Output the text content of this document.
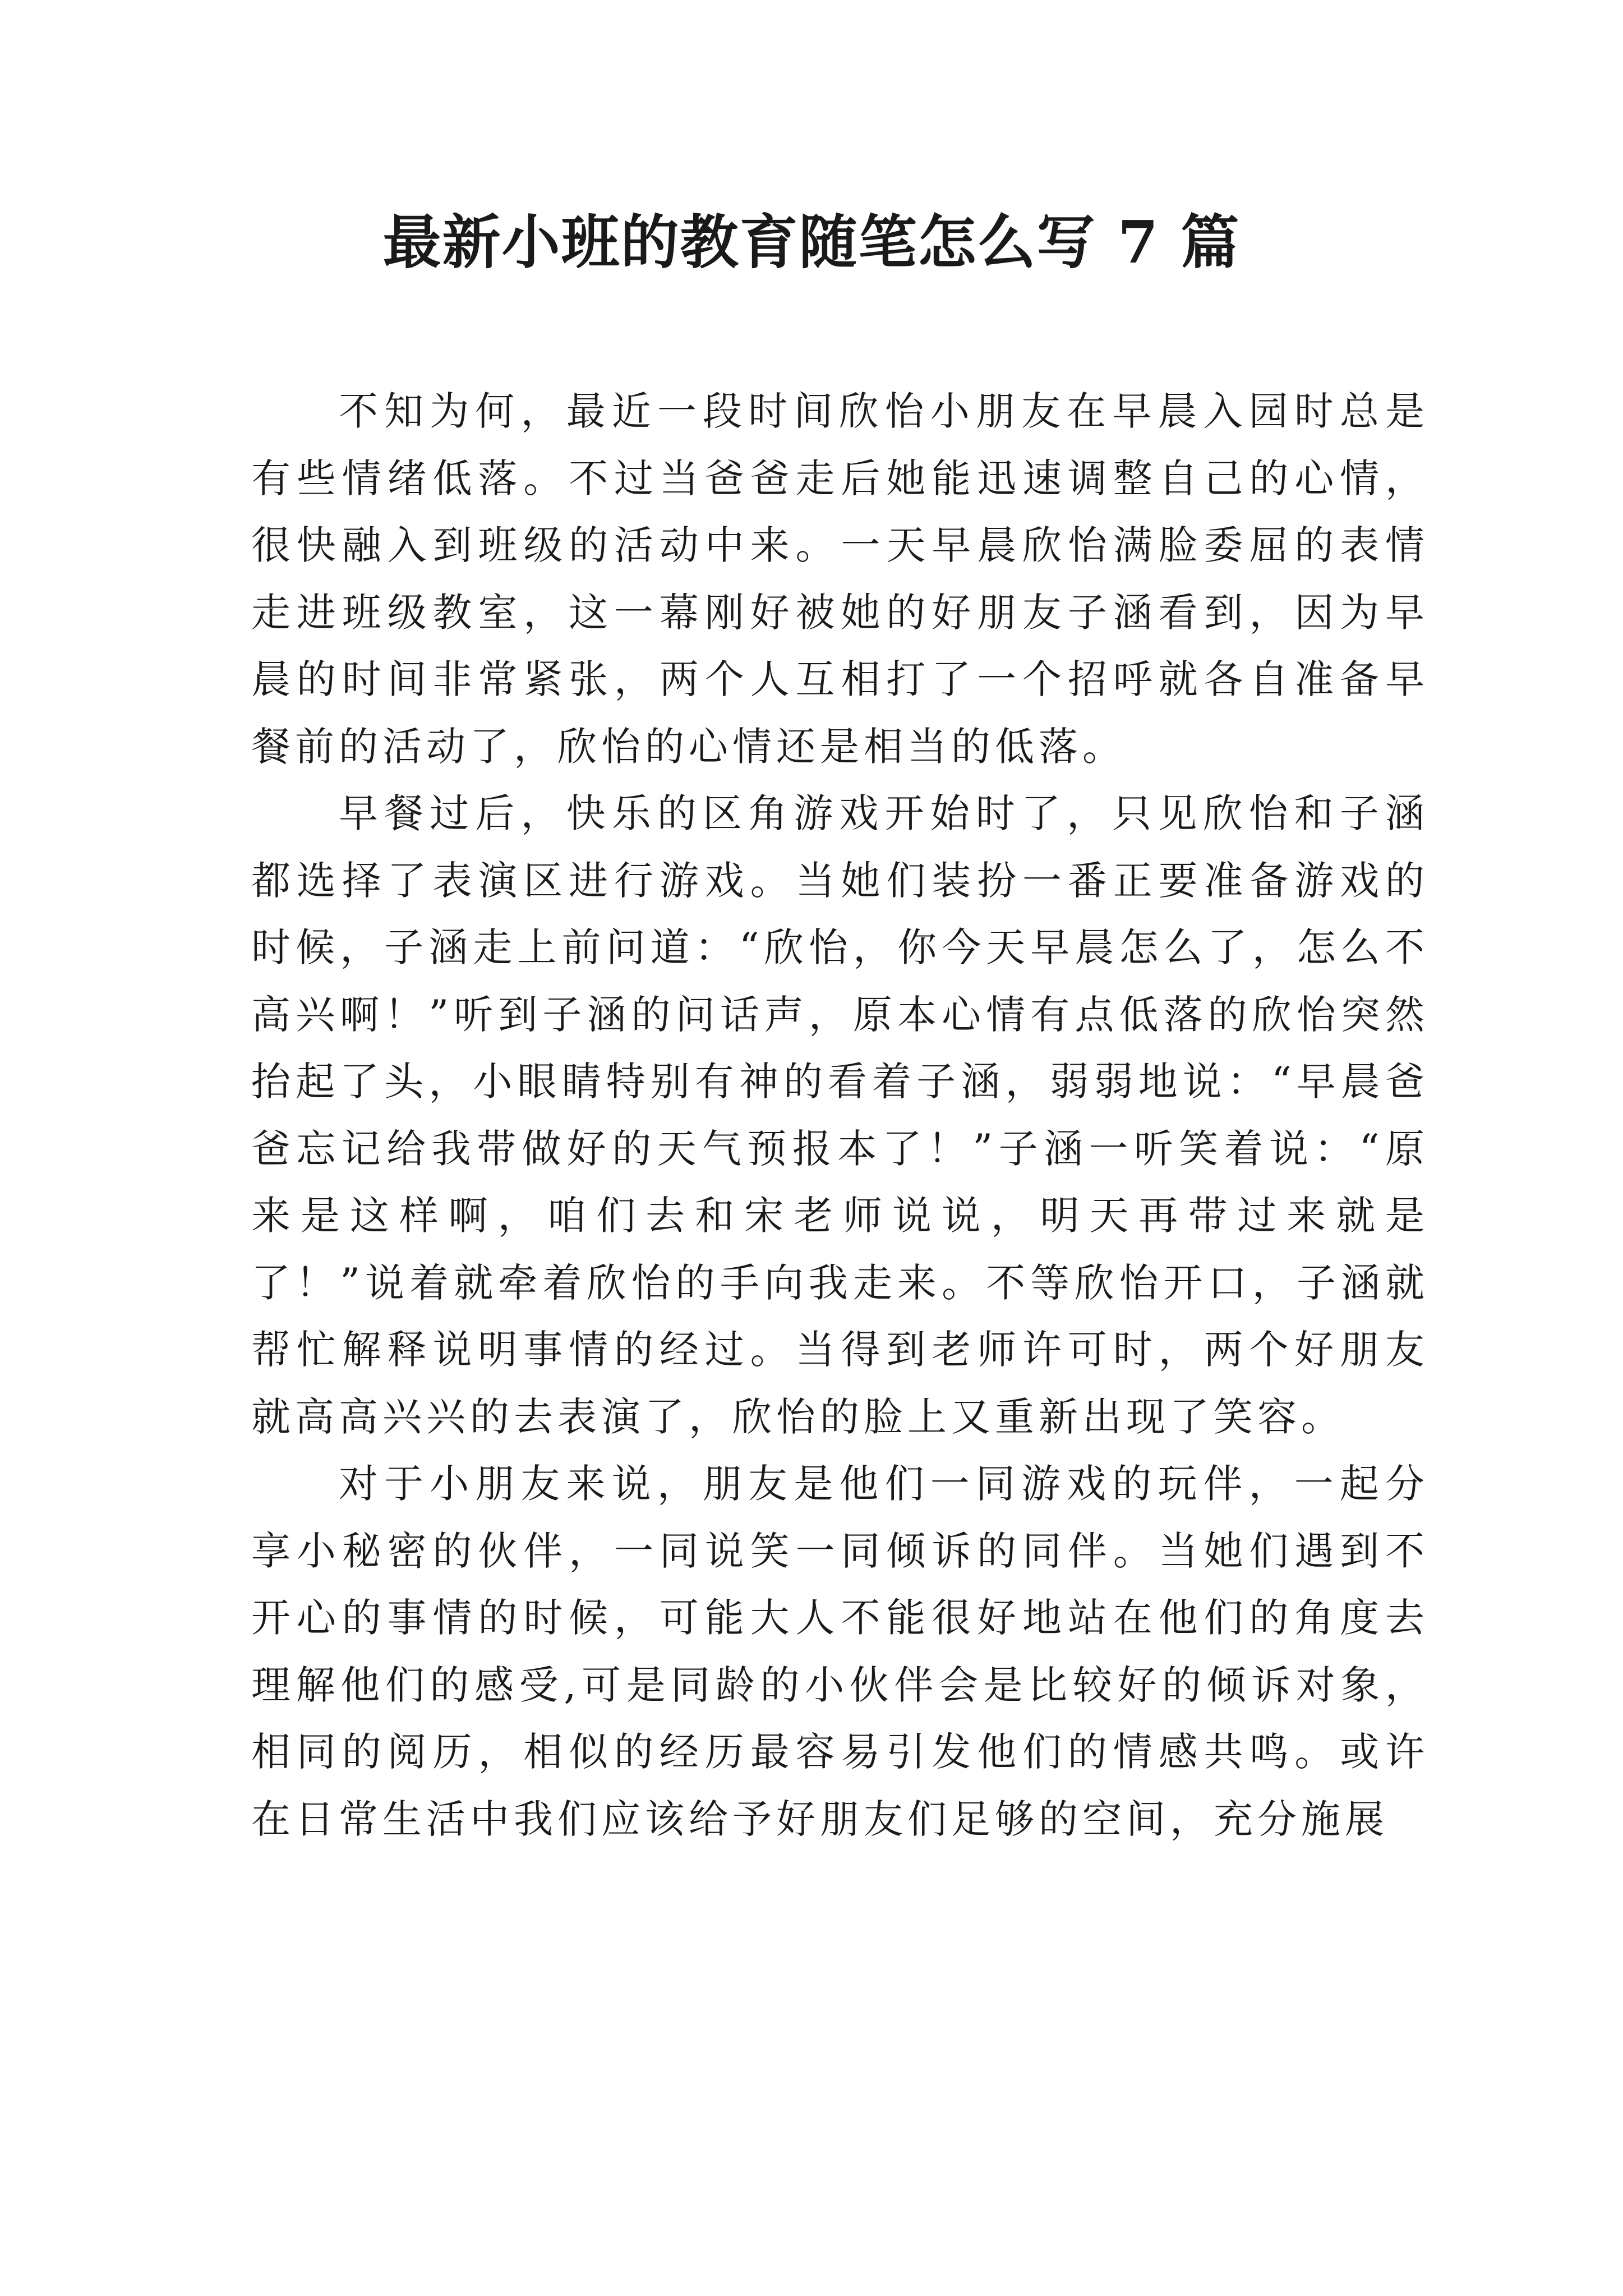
最新小班的教育随笔怎么写 7 篇

不知为何，最近一段时间欣怡小朋友在早晨入园时总是有些情绪低落。不过当爸爸走后她能迅速调整自己的心情，很快融入到班级的活动中来。一天早晨欣怡满脸委屈的表情走进班级教室，这一幕刚好被她的好朋友子涵看到，因为早晨的时间非常紧张，两个人互相打了一个招呼就各自准备早餐前的活动了，欣怡的心情还是相当的低落。

早餐过后，快乐的区角游戏开始时了，只见欣怡和子涵都选择了表演区进行游戏。当她们装扮一番正要准备游戏的时候，子涵走上前问道：“欣怡，你今天早晨怎么了，怎么不高兴啊！”听到子涵的问话声，原本心情有点低落的欣怡突然抬起了头，小眼睛特别有神的看着子涵，弱弱地说：“早晨爸爸忘记给我带做好的天气预报本了！”子涵一听笑着说：“原来是这样啊，咱们去和宋老师说说，明天再带过来就是了！”说着就牵着欣怡的手向我走来。不等欣怡开口，子涵就帮忙解释说明事情的经过。当得到老师许可时，两个好朋友就高高兴兴的去表演了，欣怡的脸上又重新出现了笑容。

对于小朋友来说，朋友是他们一同游戏的玩伴，一起分享小秘密的伙伴，一同说笑一同倾诉的同伴。当她们遇到不开心的事情的时候，可能大人不能很好地站在他们的角度去理解他们的感受,可是同龄的小伙伴会是比较好的倾诉对象，相同的阅历，相似的经历最容易引发他们的情感共鸣。或许在日常生活中我们应该给予好朋友们足够的空间，充分施展
